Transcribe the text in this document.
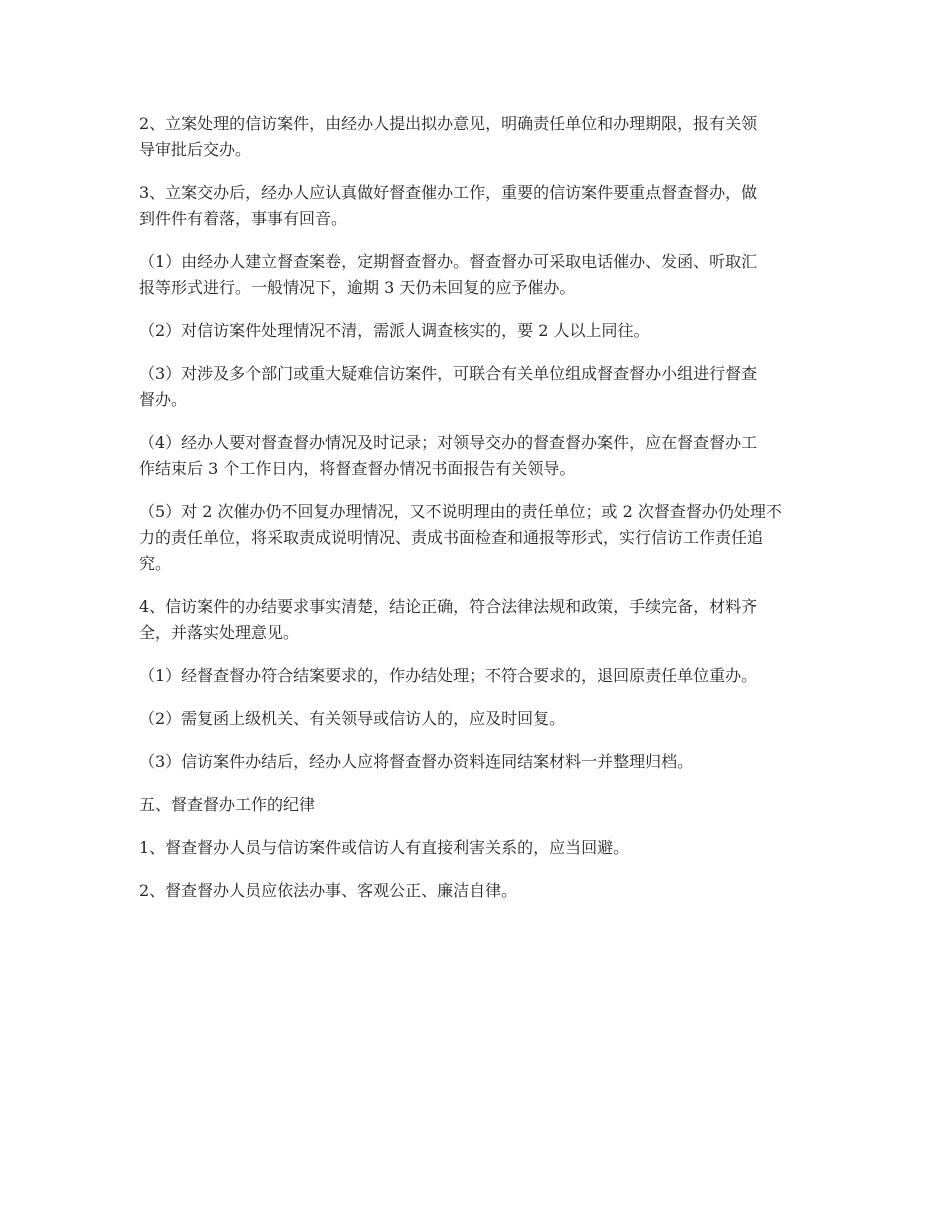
2、立案处理的信访案件，由经办人提出拟办意见，明确责任单位和办理期限，报有关领
导审批后交办。

3、立案交办后，经办人应认真做好督查催办工作，重要的信访案件要重点督查督办，做
到件件有着落，事事有回音。

（1）由经办人建立督查案卷，定期督查督办。督查督办可采取电话催办、发函、听取汇
报等形式进行。一般情况下，逾期 3 天仍未回复的应予催办。

（2）对信访案件处理情况不清，需派人调查核实的，要 2 人以上同往。

（3）对涉及多个部门或重大疑难信访案件，可联合有关单位组成督查督办小组进行督查
督办。

（4）经办人要对督查督办情况及时记录；对领导交办的督查督办案件，应在督查督办工
作结束后 3 个工作日内，将督查督办情况书面报告有关领导。

（5）对 2 次催办仍不回复办理情况，又不说明理由的责任单位；或 2 次督查督办仍处理不
力的责任单位，将采取责成说明情况、责成书面检查和通报等形式，实行信访工作责任追
究。

4、信访案件的办结要求事实清楚，结论正确，符合法律法规和政策，手续完备，材料齐
全，并落实处理意见。

（1）经督查督办符合结案要求的，作办结处理；不符合要求的，退回原责任单位重办。

（2）需复函上级机关、有关领导或信访人的，应及时回复。

（3）信访案件办结后，经办人应将督查督办资料连同结案材料一并整理归档。

五、督查督办工作的纪律

1、督查督办人员与信访案件或信访人有直接利害关系的，应当回避。

2、督查督办人员应依法办事、客观公正、廉洁自律。
